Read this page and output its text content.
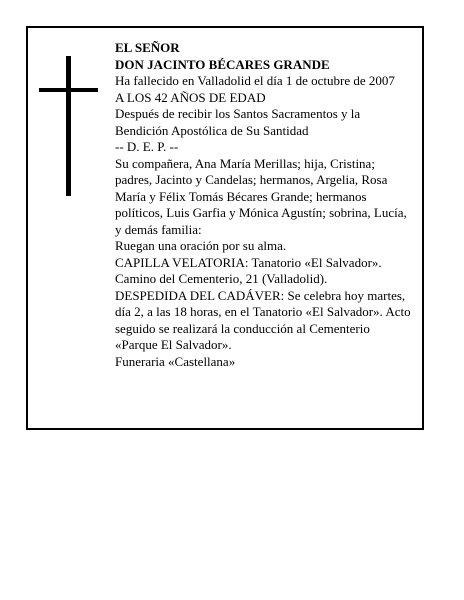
EL SEÑOR

DON JACINTO BÉCARES GRANDE

Ha fallecido en Valladolid el día 1 de octubre de 2007

A LOS 42 AÑOS DE EDAD

Después de recibir los Santos Sacramentos y la
Bendición Apostólica de Su Santidad

-- D. E. P. --

Su compañera, Ana María Merillas; hija, Cristina;
padres, Jacinto y Candelas; hermanos, Argelia, Rosa
María y Félix Tomás Bécares Grande; hermanos
políticos, Luis Garfia y Mónica Agustín; sobrina, Lucía,
y demás familia:

Ruegan una oración por su alma.

CAPILLA VELATORIA: Tanatorio «El Salvador».
Camino del Cementerio, 21 (Valladolid).

DESPEDIDA DEL CADÁVER: Se celebra hoy martes,
día 2, a las 18 horas, en el Tanatorio «El Salvador». Acto
seguido se realizará la conducción al Cementerio
«Parque El Salvador».

Funeraria «Castellana»
